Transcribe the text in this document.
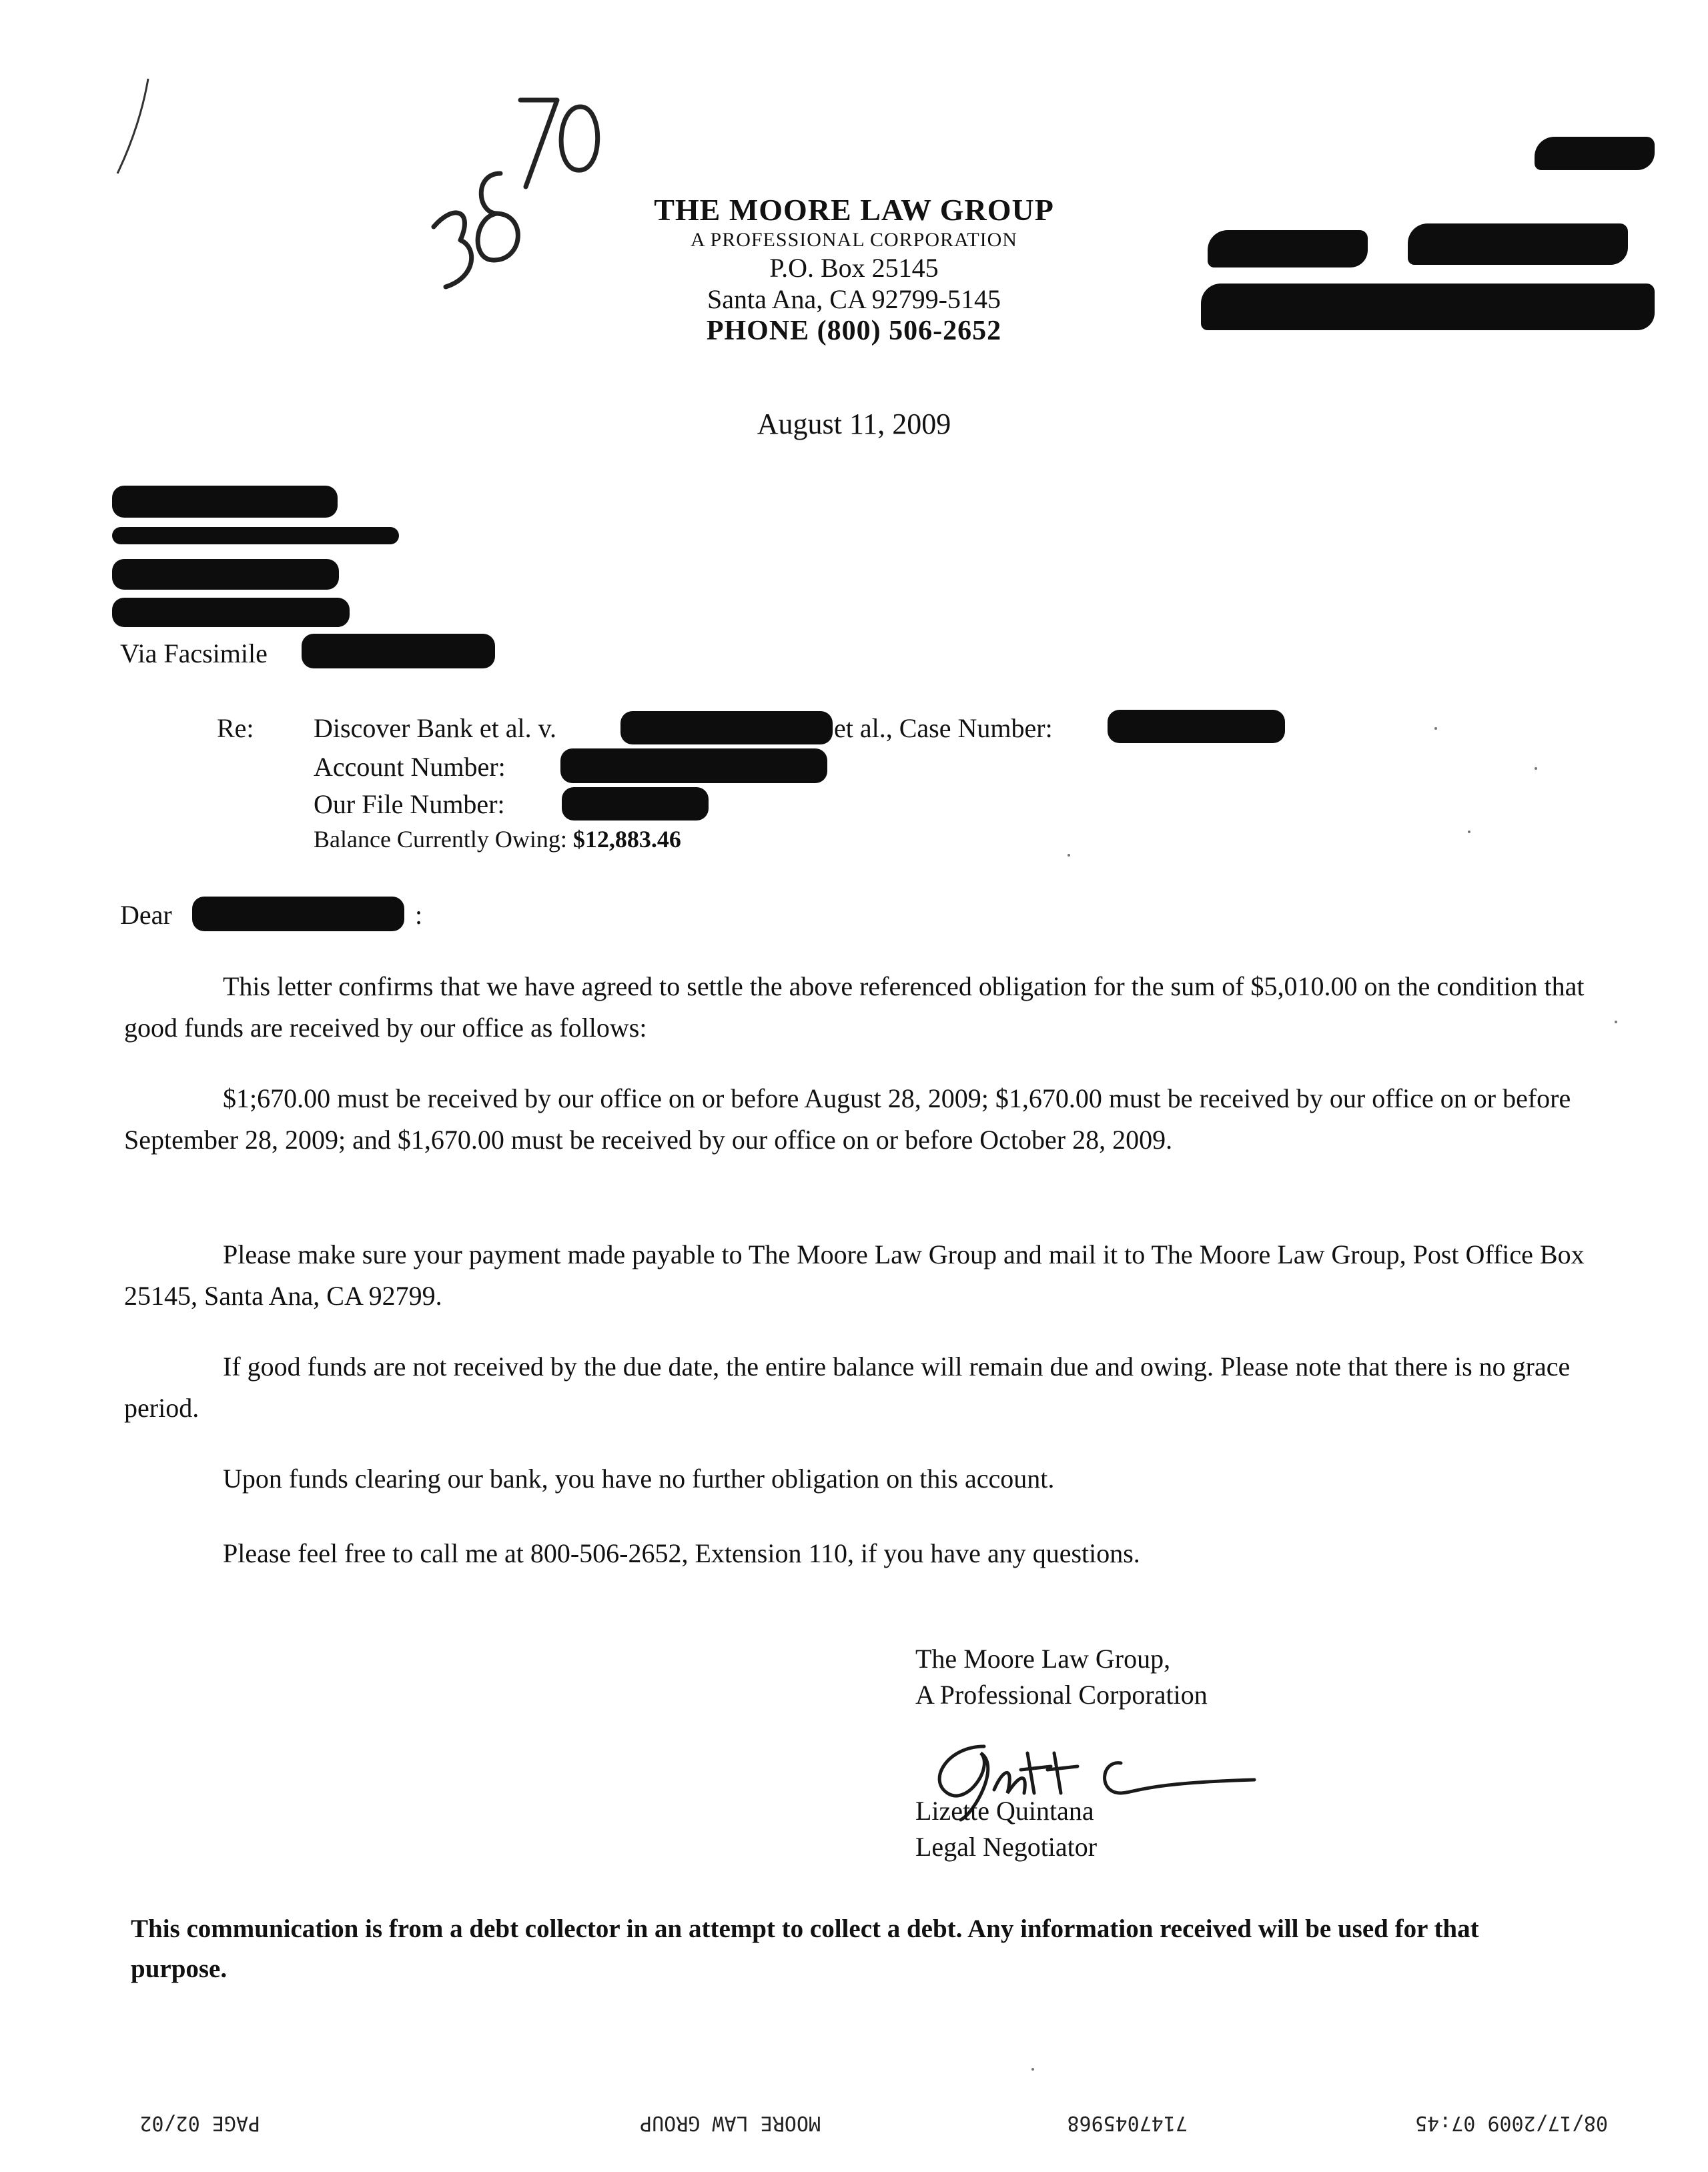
THE MOORE LAW GROUP
A PROFESSIONAL CORPORATION
P.O. Box 25145
Santa Ana, CA 92799-5145
PHONE (800) 506-2652
August 11, 2009
Via Facsimile
Re: Discover Bank et al. v.	et al., Case Number:
Account Number:
Our File Number:
Balance Currently Owing: $12,883.46
Dear	:
This letter confirms that we have agreed to settle the above referenced obligation for the sum of $5,010.00 on the condition that good funds are received by our office as follows:
$1;670.00 must be received by our office on or before August 28, 2009; $1,670.00 must be received by our office on or before September 28, 2009; and $1,670.00 must be received by our office on or before October 28, 2009.
Please make sure your payment made payable to The Moore Law Group and mail it to The Moore Law Group, Post Office Box 25145, Santa Ana, CA 92799.
If good funds are not received by the due date, the entire balance will remain due and owing. Please note that there is no grace period.
Upon funds clearing our bank, you have no further obligation on this account.
Please feel free to call me at 800-506-2652, Extension 110, if you have any questions.
The Moore Law Group,
A Professional Corporation
Lizette Quintana
Legal Negotiator
This communication is from a debt collector in an attempt to collect a debt. Any information received will be used for that purpose.
08/17/2009 07:45
7147045968
MOORE LAW GROUP
PAGE 02/02
